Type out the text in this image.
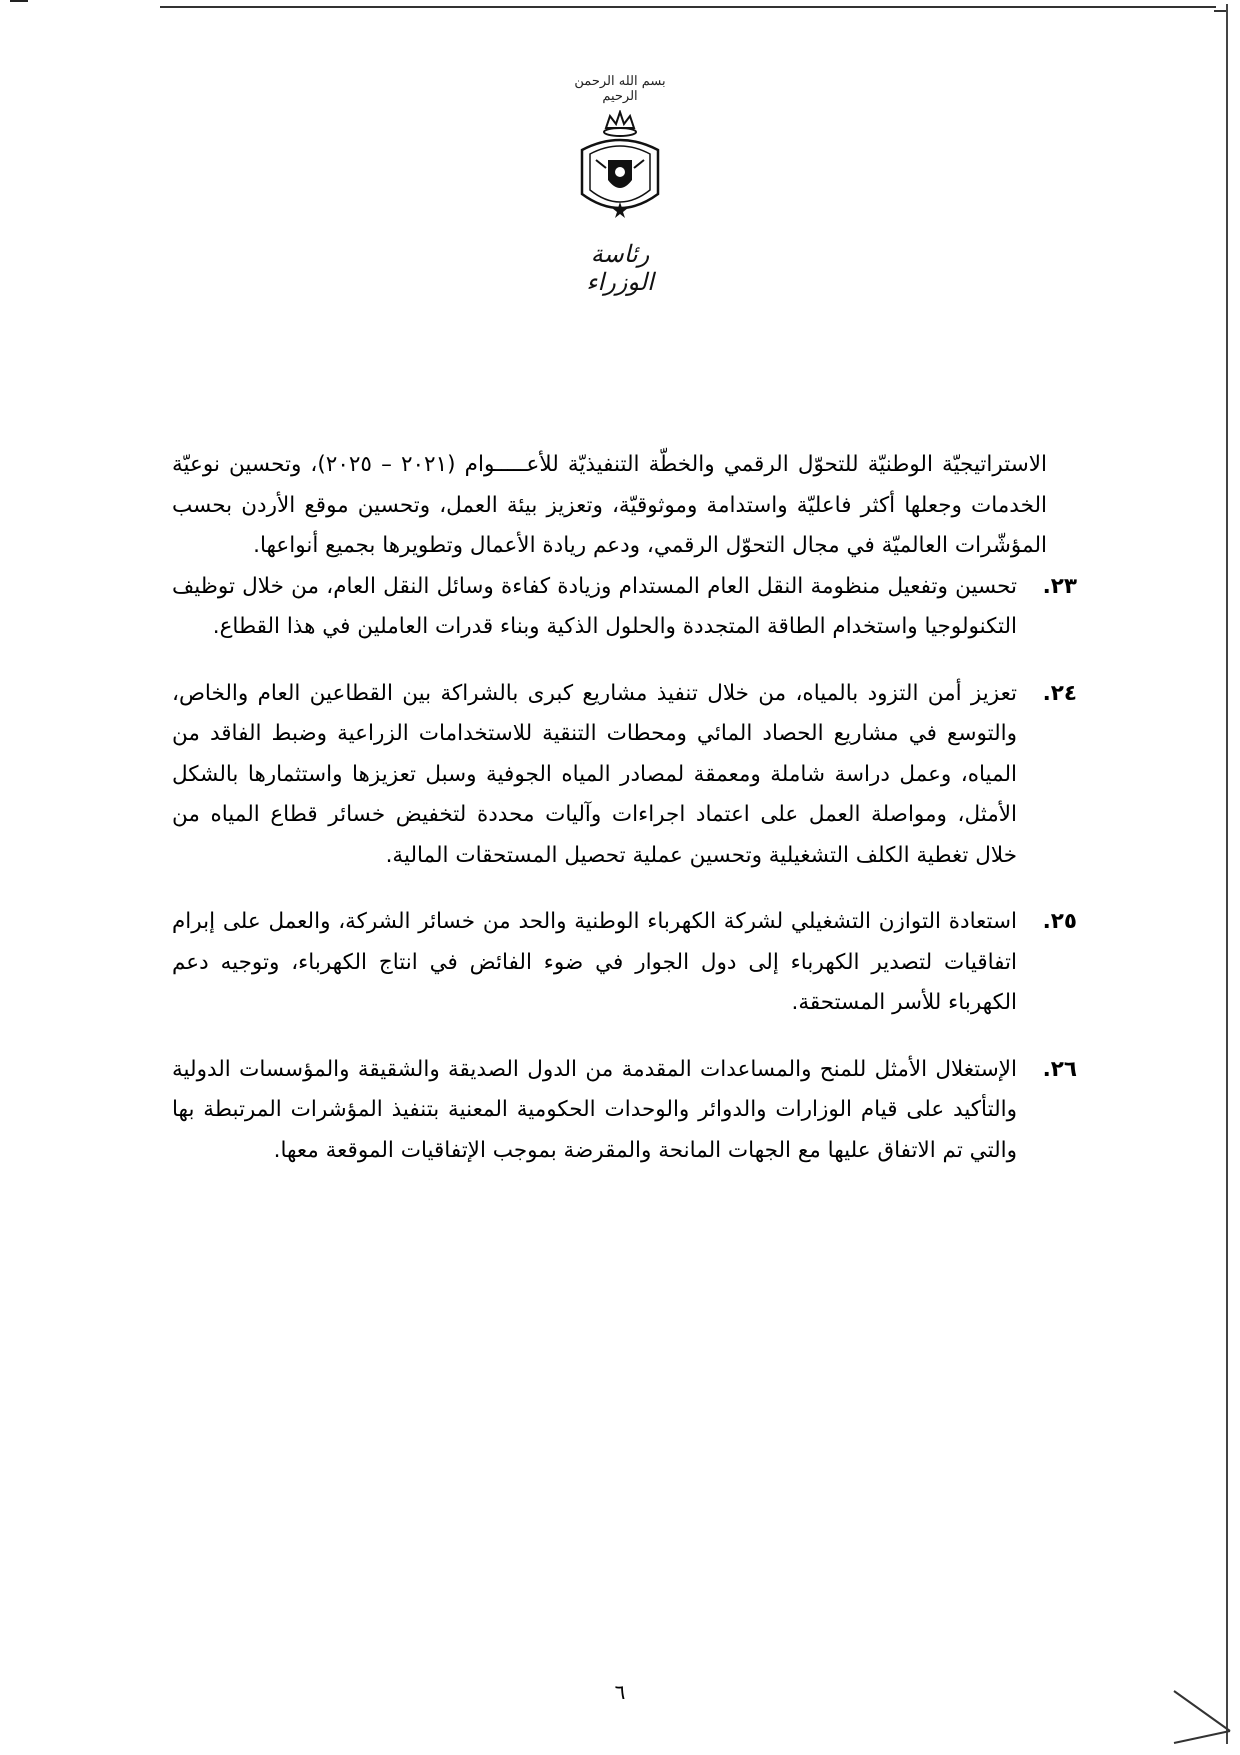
بسم الله الرحمن الرحيم
رئاسة الوزراء

الاستراتيجيّة الوطنيّة للتحوّل الرقمي والخطّة التنفيذيّة للأعـــــوام (٢٠٢١ – ٢٠٢٥)، وتحسين نوعيّة الخدمات وجعلها أكثر فاعليّة واستدامة وموثوقيّة، وتعزيز بيئة العمل، وتحسين موقع الأردن بحسب المؤشّرات العالميّة في مجال التحوّل الرقمي، ودعم ريادة الأعمال وتطويرها بجميع أنواعها.

٢٣.

تحسين وتفعيل منظومة النقل العام المستدام وزيادة كفاءة وسائل النقل العام، من خلال توظيف التكنولوجيا واستخدام الطاقة المتجددة والحلول الذكية وبناء قدرات العاملين في هذا القطاع.

٢٤.

تعزيز أمن التزود بالمياه، من خلال تنفيذ مشاريع كبرى بالشراكة بين القطاعين العام والخاص، والتوسع في مشاريع الحصاد المائي ومحطات التنقية للاستخدامات الزراعية وضبط الفاقد من المياه، وعمل دراسة شاملة ومعمقة لمصادر المياه الجوفية وسبل تعزيزها واستثمارها بالشكل الأمثل، ومواصلة العمل على اعتماد اجراءات وآليات محددة لتخفيض خسائر قطاع المياه من خلال تغطية الكلف التشغيلية وتحسين عملية تحصيل المستحقات المالية.

٢٥.

استعادة التوازن التشغيلي لشركة الكهرباء الوطنية والحد من خسائر الشركة، والعمل على إبرام اتفاقيات لتصدير الكهرباء إلى دول الجوار في ضوء الفائض في انتاج الكهرباء، وتوجيه دعم الكهرباء للأسر المستحقة.

٢٦.

الإستغلال الأمثل للمنح والمساعدات المقدمة من الدول الصديقة والشقيقة والمؤسسات الدولية والتأكيد على قيام الوزارات والدوائر والوحدات الحكومية المعنية بتنفيذ المؤشرات المرتبطة بها والتي تم الاتفاق عليها مع الجهات المانحة والمقرضة بموجب الإتفاقيات الموقعة معها.

٦
